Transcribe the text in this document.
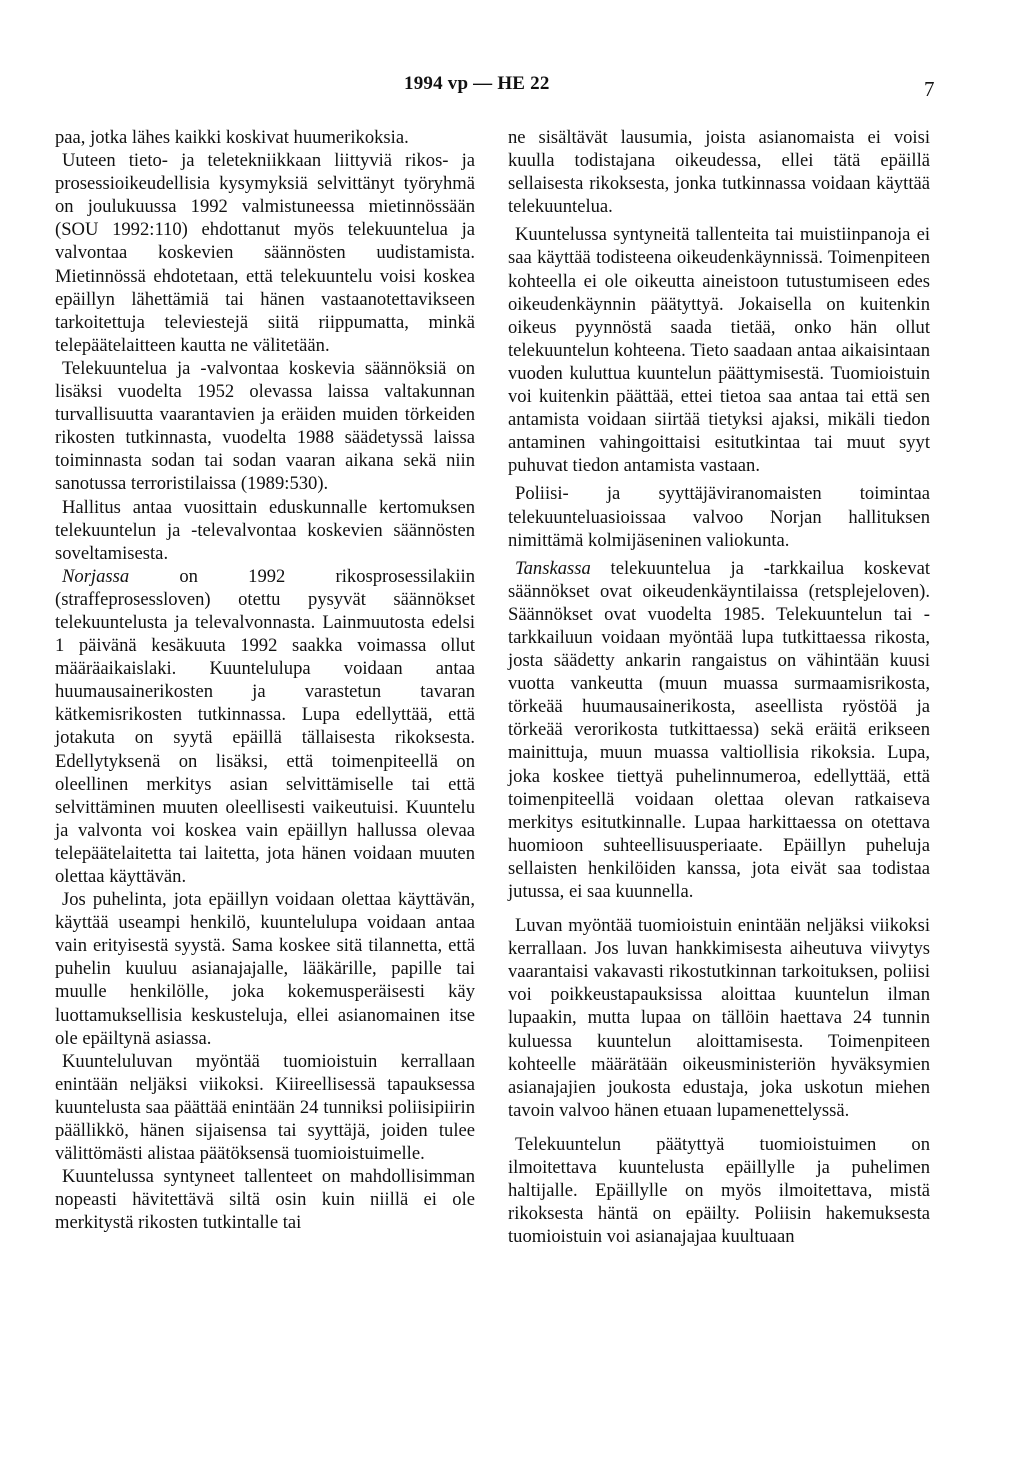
1994 vp — HE 22	7

paa, jotka lähes kaikki koskivat huumerikoksia.

Uuteen tieto- ja teletekniikkaan liittyviä rikos- ja prosessioikeudellisia kysymyksiä selvittänyt työryhmä on joulukuussa 1992 valmistuneessa mietinnössään (SOU 1992:110) ehdottanut myös telekuuntelua ja valvontaa koskevien säännösten uudistamista. Mietinnössä ehdotetaan, että telekuuntelu voisi koskea epäillyn lähettämiä tai hänen vastaanotettavikseen tarkoitettuja televiestejä siitä riippumatta, minkä telepäätelaitteen kautta ne välitetään.

Telekuuntelua ja -valvontaa koskevia säännöksiä on lisäksi vuodelta 1952 olevassa laissa valtakunnan turvallisuutta vaarantavien ja eräiden muiden törkeiden rikosten tutkinnasta, vuodelta 1988 säädetyssä laissa toiminnasta sodan tai sodan vaaran aikana sekä niin sanotussa terroristilaissa (1989:530).

Hallitus antaa vuosittain eduskunnalle kertomuksen telekuuntelun ja -televalvontaa koskevien säännösten soveltamisesta.

Norjassa on 1992 rikosprosessilakiin (straffeprosessloven) otettu pysyvät säännökset telekuuntelusta ja televalvonnasta. Lainmuutosta edelsi 1 päivänä kesäkuuta 1992 saakka voimassa ollut määräaikaislaki. Kuuntelulupa voidaan antaa huumausainerikosten ja varastetun tavaran kätkemisrikosten tutkinnassa. Lupa edellyttää, että jotakuta on syytä epäillä tällaisesta rikoksesta. Edellytyksenä on lisäksi, että toimenpiteellä on oleellinen merkitys asian selvittämiselle tai että selvittäminen muuten oleellisesti vaikeutuisi. Kuuntelu ja valvonta voi koskea vain epäillyn hallussa olevaa telepäätelaitetta tai laitetta, jota hänen voidaan muuten olettaa käyttävän.

Jos puhelinta, jota epäillyn voidaan olettaa käyttävän, käyttää useampi henkilö, kuuntelulupa voidaan antaa vain erityisestä syystä. Sama koskee sitä tilannetta, että puhelin kuuluu asianajajalle, lääkärille, papille tai muulle henkilölle, joka kokemusperäisesti käy luottamuksellisia keskusteluja, ellei asianomainen itse ole epäiltynä asiassa.

Kuunteluluvan myöntää tuomioistuin kerrallaan enintään neljäksi viikoksi. Kiireellisessä tapauksessa kuuntelusta saa päättää enintään 24 tunniksi poliisipiirin päällikkö, hänen sijaisensa tai syyttäjä, joiden tulee välittömästi alistaa päätöksensä tuomioistuimelle.

Kuuntelussa syntyneet tallenteet on mahdollisimman nopeasti hävitettävä siltä osin kuin niillä ei ole merkitystä rikosten tutkintalle tai

ne sisältävät lausumia, joista asianomaista ei voisi kuulla todistajana oikeudessa, ellei tätä epäillä sellaisesta rikoksesta, jonka tutkinnassa voidaan käyttää telekuuntelua.

Kuuntelussa syntyneitä tallenteita tai muistiinpanoja ei saa käyttää todisteena oikeudenkäynnissä. Toimenpiteen kohteella ei ole oikeutta aineistoon tutustumiseen edes oikeudenkäynnin päätyttyä. Jokaisella on kuitenkin oikeus pyynnöstä saada tietää, onko hän ollut telekuuntelun kohteena. Tieto saadaan antaa aikaisintaan vuoden kuluttua kuuntelun päättymisestä. Tuomioistuin voi kuitenkin päättää, ettei tietoa saa antaa tai että sen antamista voidaan siirtää tietyksi ajaksi, mikäli tiedon antaminen vahingoittaisi esitutkintaa tai muut syyt puhuvat tiedon antamista vastaan.

Poliisi- ja syyttäjäviranomaisten toimintaa telekuunteluasioissaa valvoo Norjan hallituksen nimittämä kolmijäseninen valiokunta.

Tanskassa telekuuntelua ja -tarkkailua koskevat säännökset ovat oikeudenkäyntilaissa (retsplejeloven). Säännökset ovat vuodelta 1985. Telekuuntelun tai -tarkkailuun voidaan myöntää lupa tutkittaessa rikosta, josta säädetty ankarin rangaistus on vähintään kuusi vuotta vankeutta (muun muassa surmaamisrikosta, törkeää huumausainerikosta, aseellista ryöstöä ja törkeää verorikosta tutkittaessa) sekä eräitä erikseen mainittuja, muun muassa valtiollisia rikoksia. Lupa, joka koskee tiettyä puhelinnumeroa, edellyttää, että toimenpiteellä voidaan olettaa olevan ratkaiseva merkitys esitutkinnalle. Lupaa harkittaessa on otettava huomioon suhteellisuusperiaate. Epäillyn puheluja sellaisten henkilöiden kanssa, jota eivät saa todistaa jutussa, ei saa kuunnella.

Luvan myöntää tuomioistuin enintään neljäksi viikoksi kerrallaan. Jos luvan hankkimisesta aiheutuva viivytys vaarantaisi vakavasti rikostutkinnan tarkoituksen, poliisi voi poikkeustapauksissa aloittaa kuuntelun ilman lupaakin, mutta lupaa on tällöin haettava 24 tunnin kuluessa kuuntelun aloittamisesta. Toimenpiteen kohteelle määrätään oikeusministeriön hyväksymien asianajajien joukosta edustaja, joka uskotun miehen tavoin valvoo hänen etuaan lupamenettelyssä.

Telekuuntelun päätyttyä tuomioistuimen on ilmoitettava kuuntelusta epäillylle ja puhelimen haltijalle. Epäillylle on myös ilmoitettava, mistä rikoksesta häntä on epäilty. Poliisin hakemuksesta tuomioistuin voi asianajajaa kuultuaan
